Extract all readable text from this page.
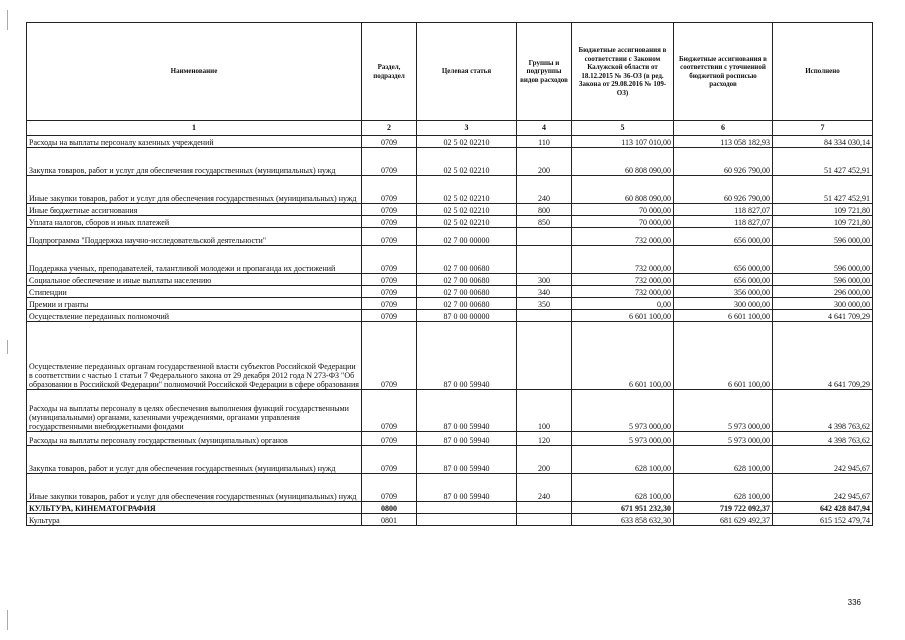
Наименование	Раздел, подраздел	Целевая статья	Группы и подгруппы видов расходов	Бюджетные ассигнования в соответствии с Законом Калужской области от 18.12.2015 № 36-ОЗ (в ред. Закона от 29.08.2016 № 109-ОЗ)	Бюджетные ассигнования в соответствии с уточненной бюджетной росписью расходов	Исполнено
1	2	3	4	5	6	7
Расходы на выплаты персоналу казенных учреждений	0709	02 5 02 02210	110	113 107 010,00	113 058 182,93	84 334 030,14
Закупка товаров, работ и услуг для обеспечения государственных (муниципальных) нужд	0709	02 5 02 02210	200	60 808 090,00	60 926 790,00	51 427 452,91
Иные закупки товаров, работ и услуг для обеспечения государственных (муниципальных) нужд	0709	02 5 02 02210	240	60 808 090,00	60 926 790,00	51 427 452,91
Иные бюджетные ассигнования	0709	02 5 02 02210	800	70 000,00	118 827,07	109 721,80
Уплата налогов, сборов и иных платежей	0709	02 5 02 02210	850	70 000,00	118 827,07	109 721,80
Подпрограмма "Поддержка научно-исследовательской деятельности"	0709	02 7 00 00000		732 000,00	656 000,00	596 000,00
Поддержка ученых, преподавателей, талантливой молодежи и пропаганда их достижений	0709	02 7 00 00680		732 000,00	656 000,00	596 000,00
Социальное обеспечение и иные выплаты населению	0709	02 7 00 00680	300	732 000,00	656 000,00	596 000,00
Стипендии	0709	02 7 00 00680	340	732 000,00	356 000,00	296 000,00
Премии и гранты	0709	02 7 00 00680	350	0,00	300 000,00	300 000,00
Осуществление переданных полномочий	0709	87 0 00 00000		6 601 100,00	6 601 100,00	4 641 709,29
Осуществление переданных органам государственной власти субъектов Российской Федерации в соответствии с частью 1 статьи 7 Федерального закона от 29 декабря 2012 года N 273-ФЗ "Об образовании в Российской Федерации" полномочий Российской Федерации в сфере образования	0709	87 0 00 59940		6 601 100,00	6 601 100,00	4 641 709,29
Расходы на выплаты персоналу в целях обеспечения выполнения функций государственными (муниципальными) органами, казенными учреждениями, органами управления государственными внебюджетными фондами	0709	87 0 00 59940	100	5 973 000,00	5 973 000,00	4 398 763,62
Расходы на выплаты персоналу государственных (муниципальных) органов	0709	87 0 00 59940	120	5 973 000,00	5 973 000,00	4 398 763,62
Закупка товаров, работ и услуг для обеспечения государственных (муниципальных) нужд	0709	87 0 00 59940	200	628 100,00	628 100,00	242 945,67
Иные закупки товаров, работ и услуг для обеспечения государственных (муниципальных) нужд	0709	87 0 00 59940	240	628 100,00	628 100,00	242 945,67
КУЛЬТУРА, КИНЕМАТОГРАФИЯ	0800			671 951 232,30	719 722 092,37	642 428 847,94
Культура	0801			633 858 632,30	681 629 492,37	615 152 479,74
336
